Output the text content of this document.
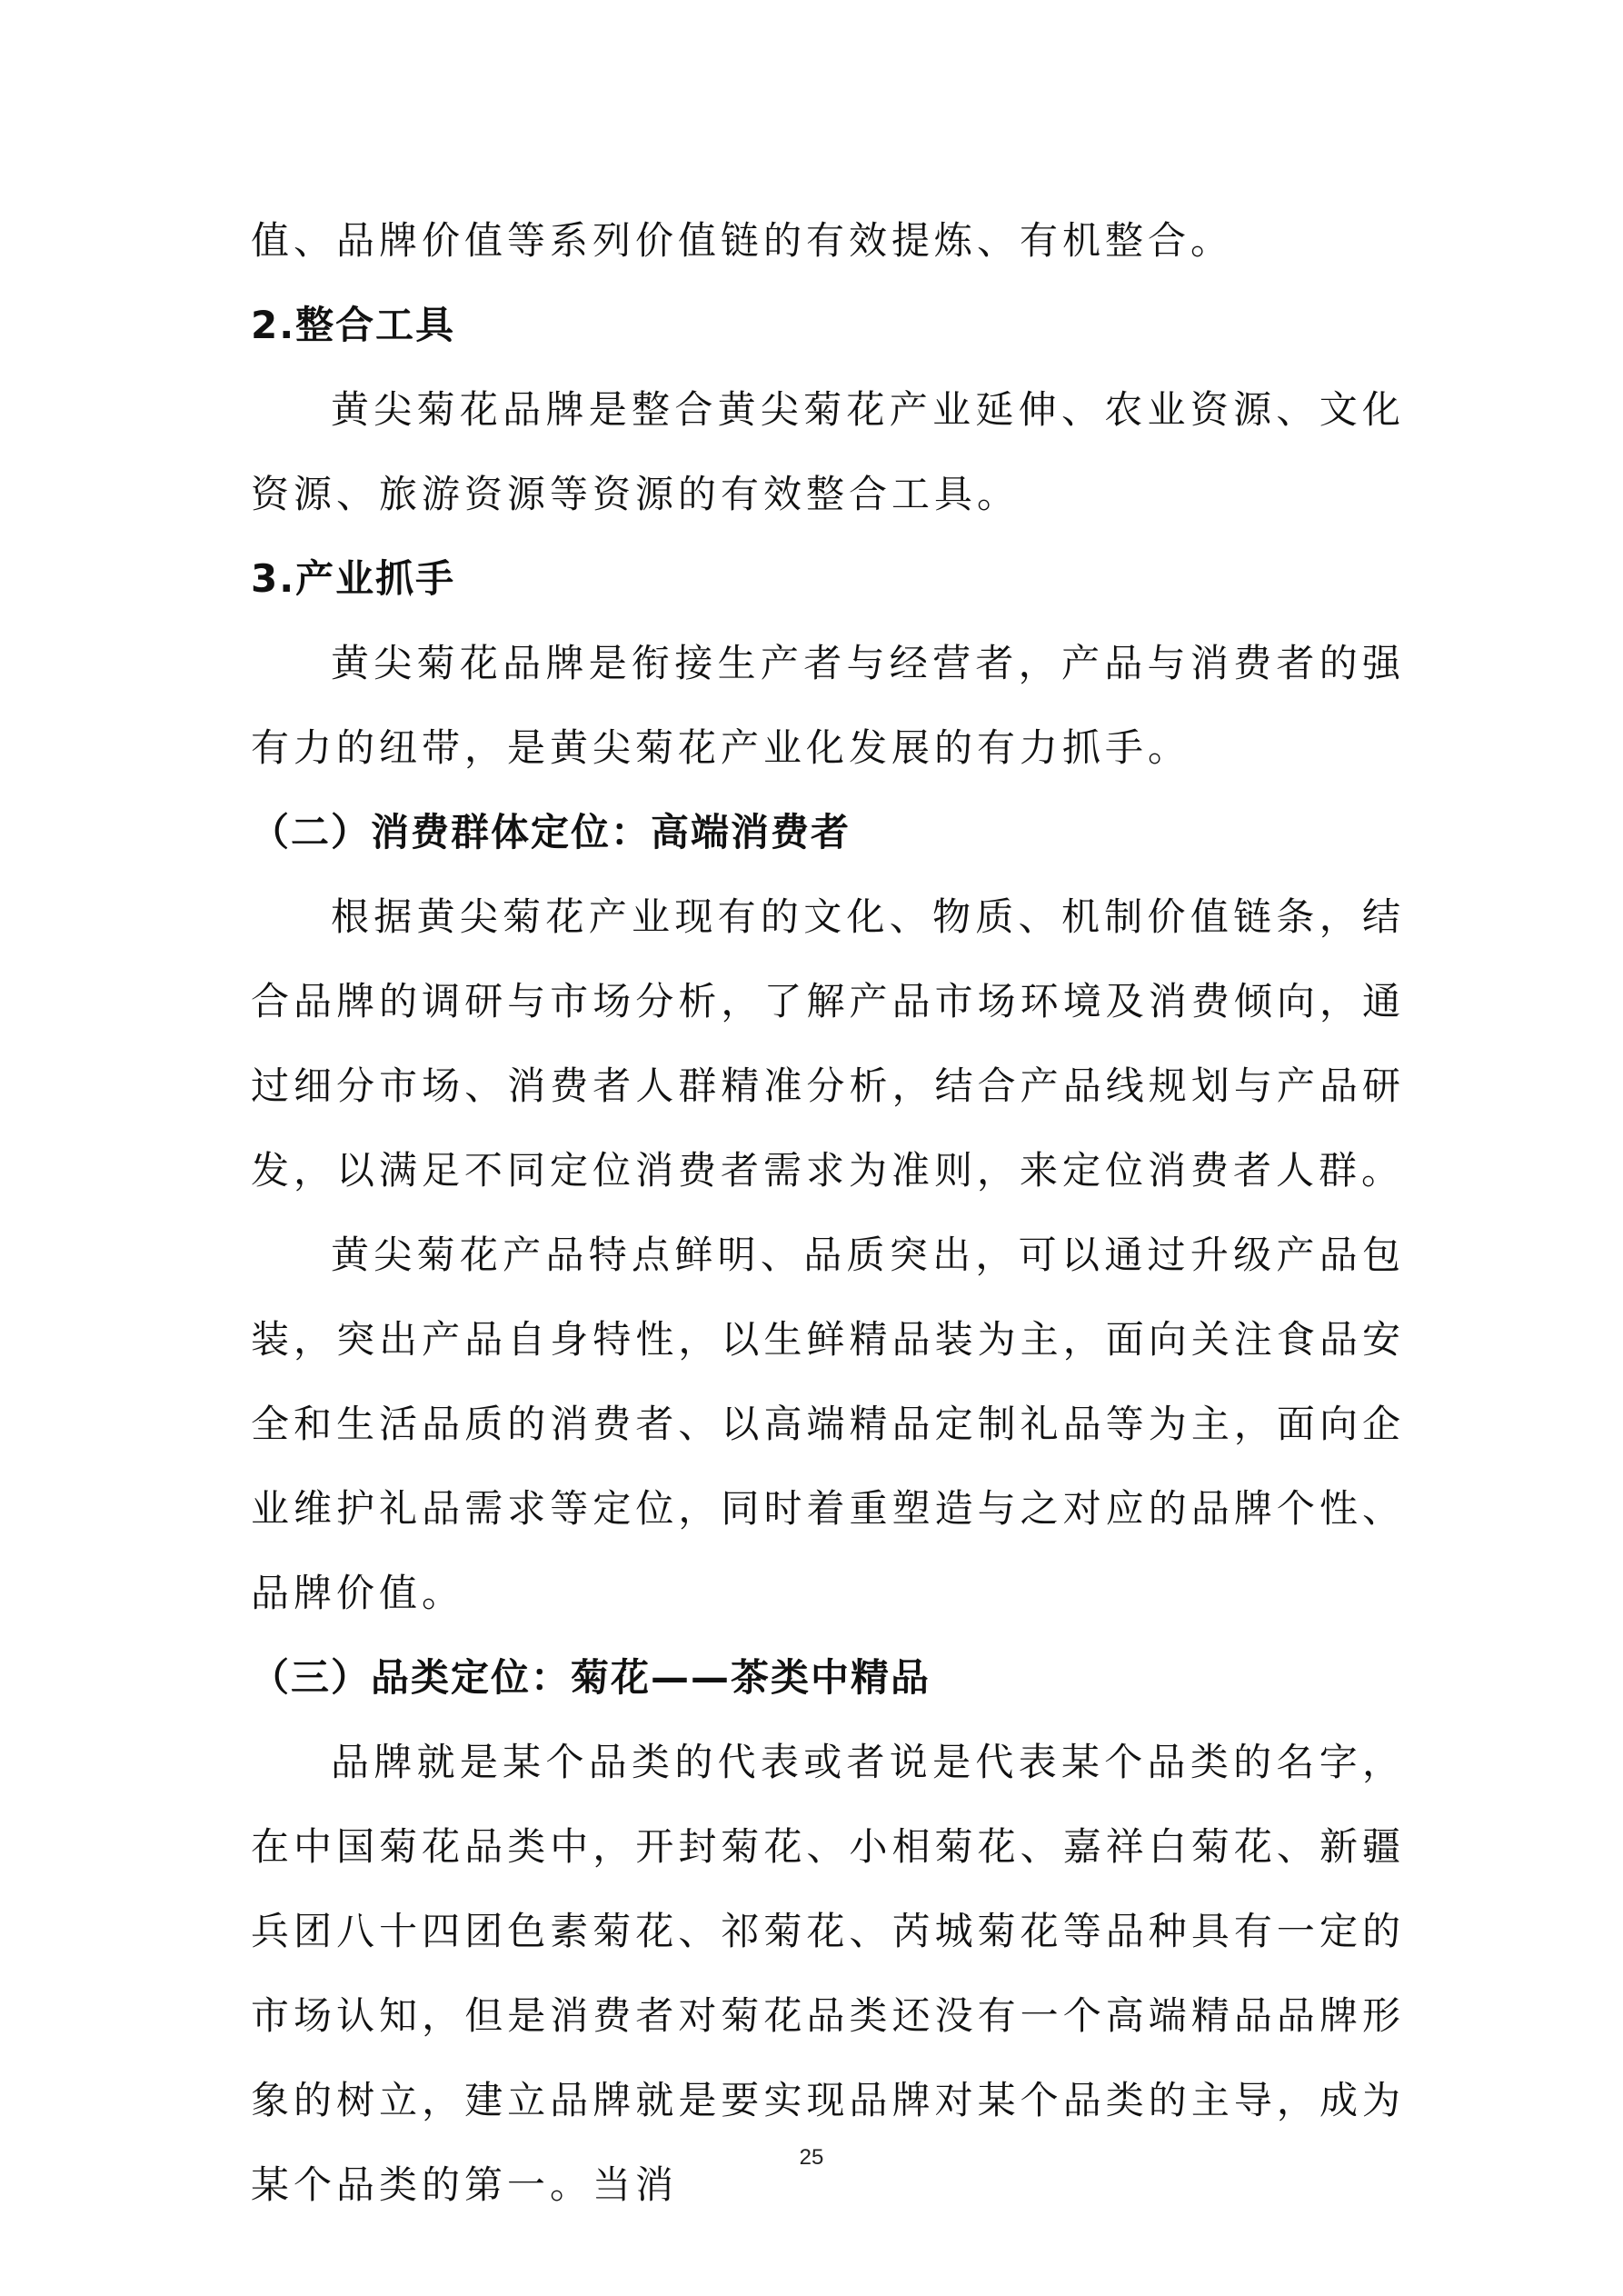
值、品牌价值等系列价值链的有效提炼、有机整合。

2.整合工具

黄尖菊花品牌是整合黄尖菊花产业延伸、农业资源、文化资源、旅游资源等资源的有效整合工具。

3.产业抓手

黄尖菊花品牌是衔接生产者与经营者，产品与消费者的强有力的纽带，是黄尖菊花产业化发展的有力抓手。

（二）消费群体定位：高端消费者

根据黄尖菊花产业现有的文化、物质、机制价值链条，结合品牌的调研与市场分析，了解产品市场环境及消费倾向，通过细分市场、消费者人群精准分析，结合产品线规划与产品研发，以满足不同定位消费者需求为准则，来定位消费者人群。

黄尖菊花产品特点鲜明、品质突出，可以通过升级产品包装，突出产品自身特性，以生鲜精品装为主，面向关注食品安全和生活品质的消费者、以高端精品定制礼品等为主，面向企业维护礼品需求等定位，同时着重塑造与之对应的品牌个性、品牌价值。

（三）品类定位：菊花——茶类中精品

品牌就是某个品类的代表或者说是代表某个品类的名字，在中国菊花品类中，开封菊花、小相菊花、嘉祥白菊花、新疆兵团八十四团色素菊花、祁菊花、芮城菊花等品种具有一定的市场认知，但是消费者对菊花品类还没有一个高端精品品牌形象的树立，建立品牌就是要实现品牌对某个品类的主导，成为某个品类的第一。当消

25
